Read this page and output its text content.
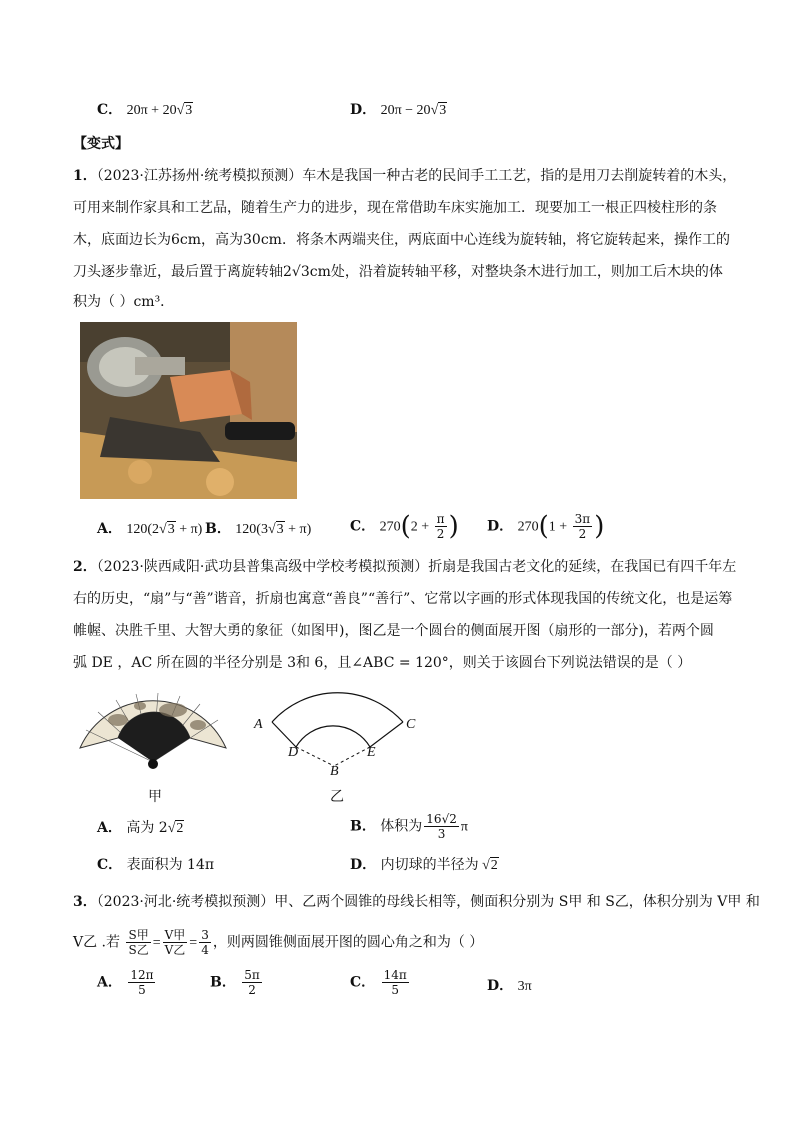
C． 20π + 20√3	D． 20π − 20√3
【变式】
1．（2023·江苏扬州·统考模拟预测）车木是我国一种古老的民间手工工艺，指的是用刀去削旋转着的木头，
可用来制作家具和工艺品，随着生产力的进步，现在常借助车床实施加工．现要加工一根正四棱柱形的条
木，底面边长为6cm，高为30cm．将条木两端夹住，两底面中心连线为旋转轴，将它旋转起来，操作工的
刀头逐步靠近，最后置于离旋转轴2√3cm处，沿着旋转轴平移，对整块条木进行加工，则加工后木块的体
积为（ ）cm³．
A． 120(2√3 + π) B． 120(3√3 + π)	C． $270(2 + \frac{\pi}{2}$ ) D． $270(1 + \frac{3\pi}{2}$ )
2．（2023·陕西咸阳·武功县普集高级中学校考模拟预测）折扇是我国古老文化的延续，在我国已有四千年左
右的历史，“扇”与“善”谐音，折扇也寓意“善良”“善行”、它常以字画的形式体现我国的传统文化，也是运筹
帷幄、决胜千里、大智大勇的象征（如图甲)，图乙是一个圆台的侧面展开图（扇形的一部分)，若两个圆
弧 DE ，AC 所在圆的半径分别是 3和 6，且∠ABC = 120°，则关于该圆台下列说法错误的是（ ）
A	C
D	E
B
甲	乙
A． 高为 2√2	B． 体积为 $\frac{16√2}{3}$ π
C． 表面积为 14π	D． 内切球的半径为 √2
3．（2023·河北·统考模拟预测）甲、乙两个圆锥的母线长相等，侧面积分别为 S甲 和 S乙，体积分别为 V甲 和
V乙 .若 $\frac{\text{S甲}}{\text{S乙}} = \frac{\text{V甲}}{\text{V乙}} = \frac{3}{4}$ ，则两圆锥侧面展开图的圆心角之和为（ ）
A． $\frac{12\pi}{5}$	B． $\frac{5\pi}{2}$	C． $\frac{14\pi}{5}$	D． 3π
